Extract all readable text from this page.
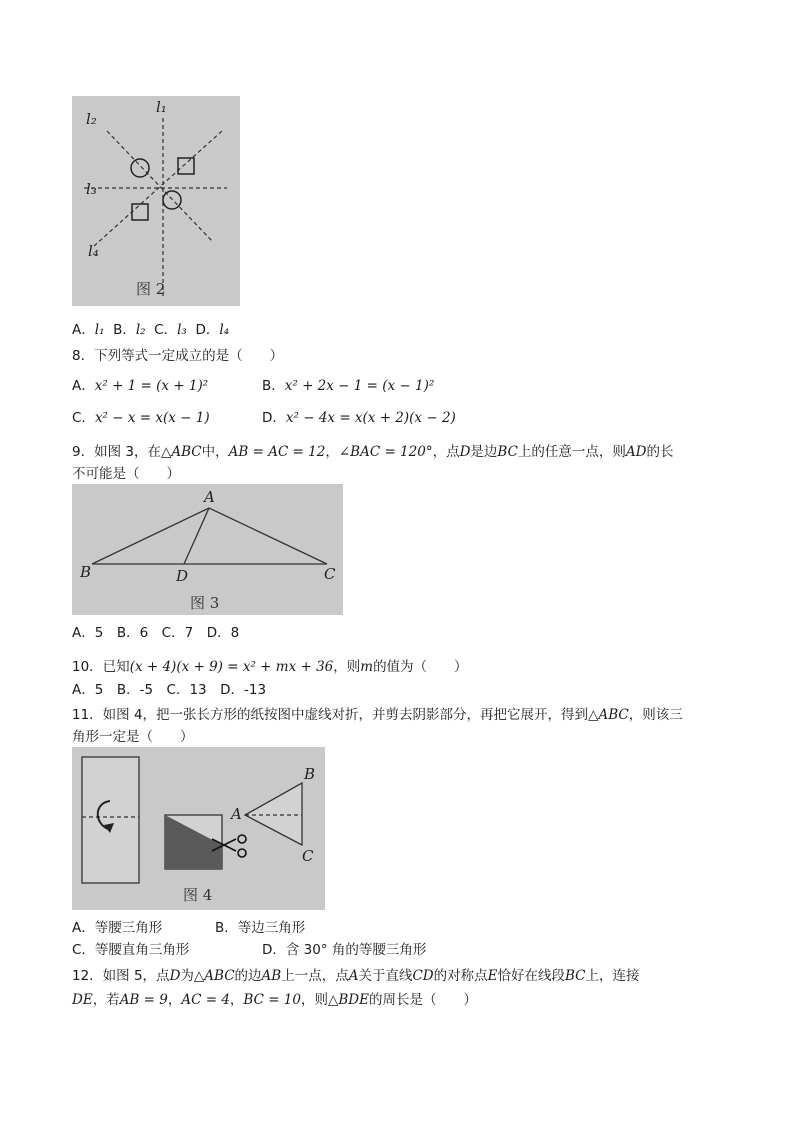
l₂
l₁
l₃
l₄
图 2
A．l₁ B．l₂ C．l₃ D．l₄
8．下列等式一定成立的是（　　）
A．x² + 1 = (x + 1)²	B．x² + 2x − 1 = (x − 1)²
C．x² − x = x(x − 1)	D．x² − 4x = x(x + 2)(x − 2)
9．如图 3，在△ABC中，AB = AC = 12，∠BAC = 120°，点D是边BC上的任意一点，则AD的长
不可能是（　　）
A
B	C
D
图 3
A．5　B．6　C．7　D．8
10．已知(x + 4)(x + 9) = x² + mx + 36，则m的值为（　　）
A．5　B．-5　C．13　D．-13
11．如图 4，把一张长方形的纸按图中虚线对折，并剪去阴影部分，再把它展开，得到△ABC，则该三
角形一定是（　　）
A
B
C
图 4
A．等腰三角形	B．等边三角形
C．等腰直角三角形	D．含 30° 角的等腰三角形
12．如图 5，点D为△ABC的边AB上一点，点A关于直线CD的对称点E恰好在线段BC上，连接
DE，若AB = 9，AC = 4，BC = 10，则△BDE的周长是（　　）
